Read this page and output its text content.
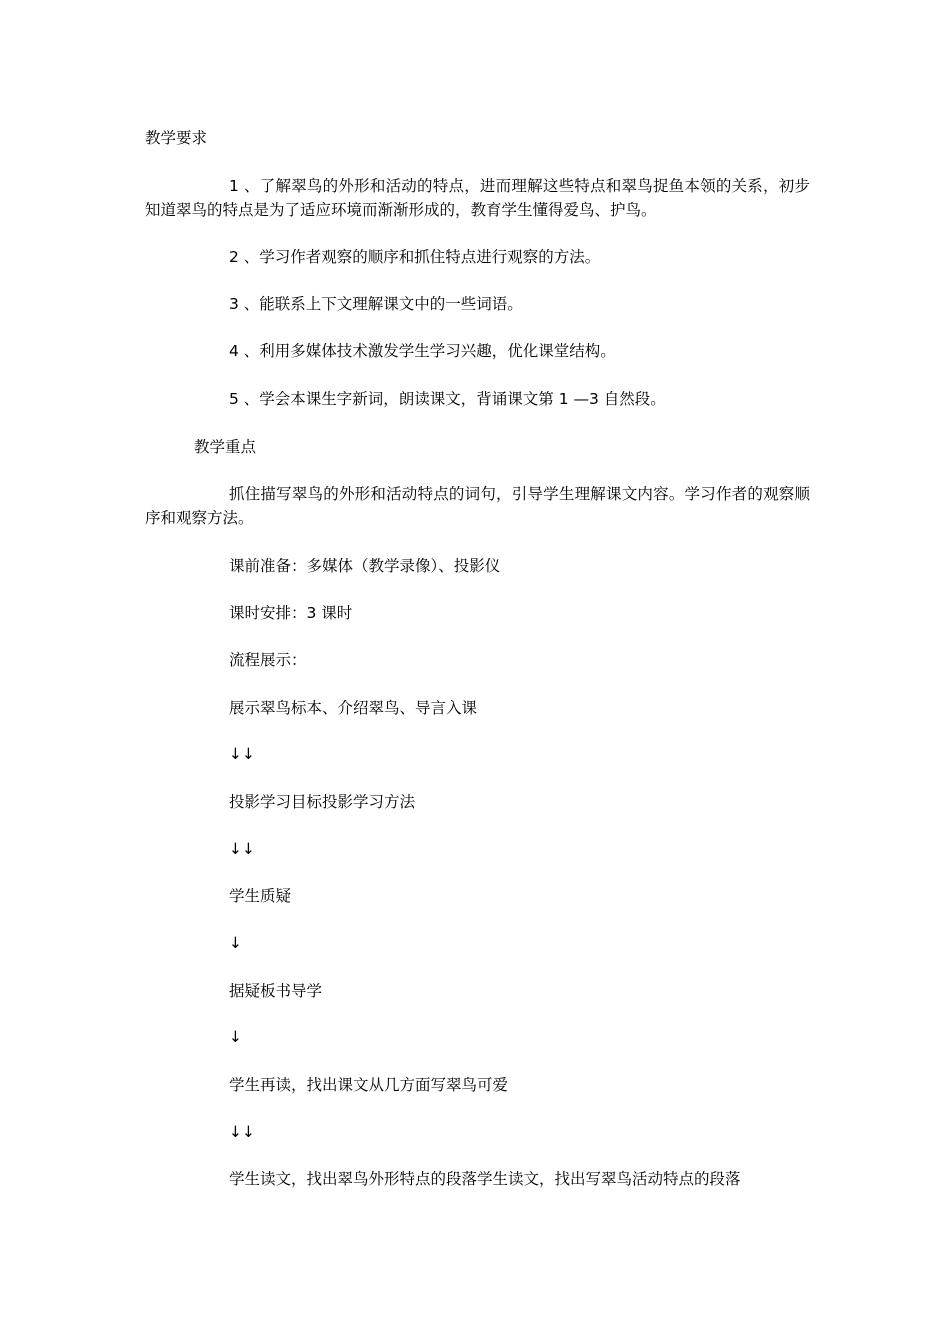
教学要求

1 、了解翠鸟的外形和活动的特点，进而理解这些特点和翠鸟捉鱼本领的关系，初步知道翠鸟的特点是为了适应环境而渐渐形成的，教育学生懂得爱鸟、护鸟。

2 、学习作者观察的顺序和抓住特点进行观察的方法。

3 、能联系上下文理解课文中的一些词语。

4 、利用多媒体技术激发学生学习兴趣，优化课堂结构。

5 、学会本课生字新词，朗读课文，背诵课文第 1 —3 自然段。

教学重点

抓住描写翠鸟的外形和活动特点的词句，引导学生理解课文内容。学习作者的观察顺序和观察方法。

课前准备：多媒体（教学录像）、投影仪

课时安排：3 课时

流程展示：

展示翠鸟标本、介绍翠鸟、导言入课

↓↓

投影学习目标投影学习方法

↓↓

学生质疑

↓

据疑板书导学

↓

学生再读，找出课文从几方面写翠鸟可爱

↓↓

学生读文，找出翠鸟外形特点的段落学生读文，找出写翠鸟活动特点的段落
